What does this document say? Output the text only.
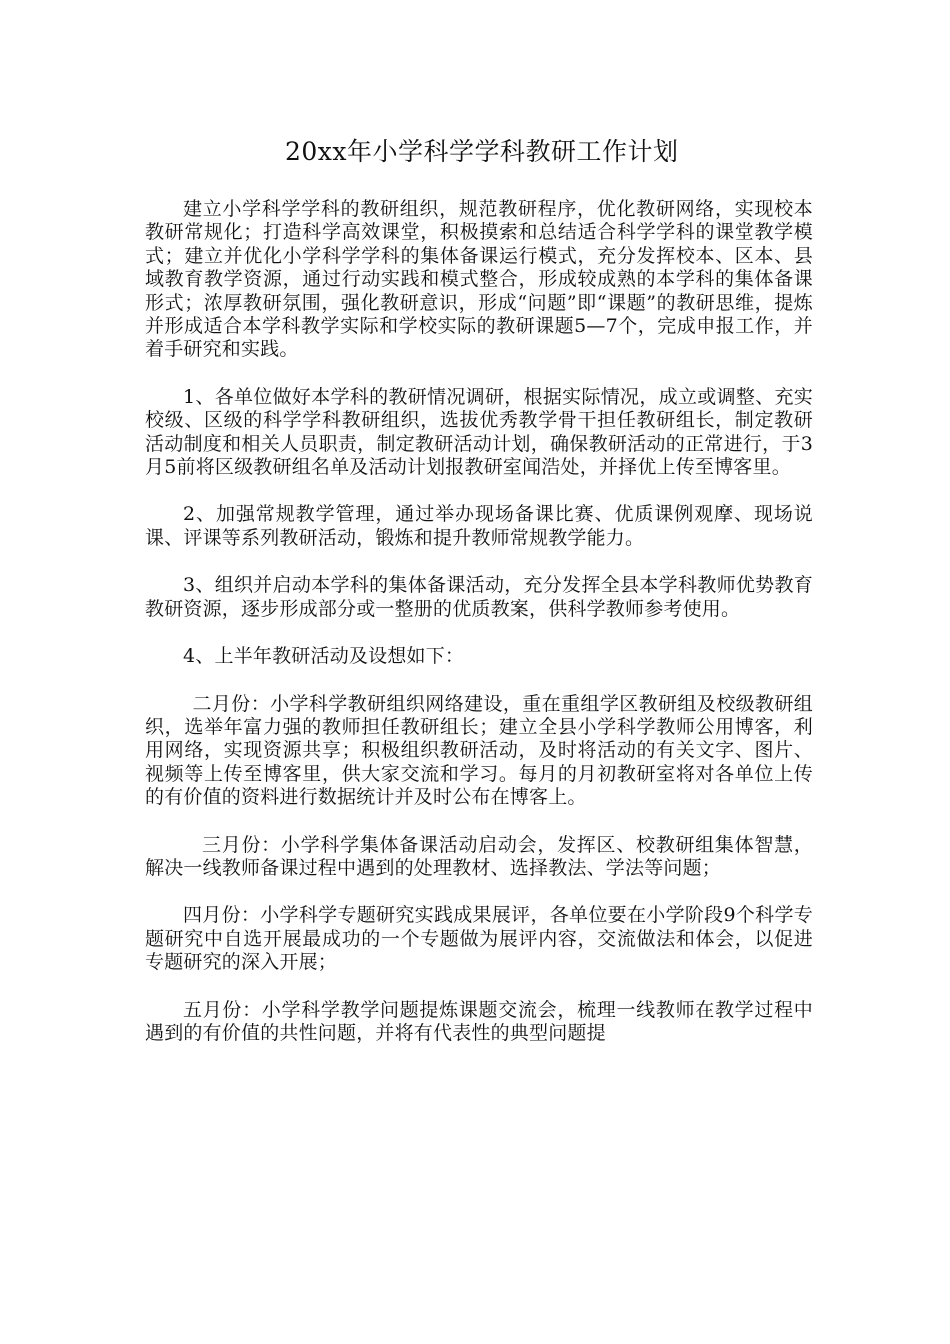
20xx年小学科学学科教研工作计划

建立小学科学学科的教研组织，规范教研程序，优化教研网络，实现校本教研常规化；打造科学高效课堂，积极摸索和总结适合科学学科的课堂教学模式；建立并优化小学科学学科的集体备课运行模式，充分发挥校本、区本、县域教育教学资源，通过行动实践和模式整合，形成较成熟的本学科的集体备课形式；浓厚教研氛围，强化教研意识，形成“问题”即“课题”的教研思维，提炼并形成适合本学科教学实际和学校实际的教研课题5—7个，完成申报工作，并着手研究和实践。

1、各单位做好本学科的教研情况调研，根据实际情况，成立或调整、充实校级、区级的科学学科教研组织，选拔优秀教学骨干担任教研组长，制定教研活动制度和相关人员职责，制定教研活动计划，确保教研活动的正常进行，于3月5前将区级教研组名单及活动计划报教研室闻浩处，并择优上传至博客里。

2、加强常规教学管理，通过举办现场备课比赛、优质课例观摩、现场说课、评课等系列教研活动，锻炼和提升教师常规教学能力。

3、组织并启动本学科的集体备课活动，充分发挥全县本学科教师优势教育教研资源，逐步形成部分或一整册的优质教案，供科学教师参考使用。

4、上半年教研活动及设想如下：

二月份：小学科学教研组织网络建设，重在重组学区教研组及校级教研组织，选举年富力强的教师担任教研组长；建立全县小学科学教师公用博客，利用网络，实现资源共享；积极组织教研活动，及时将活动的有关文字、图片、视频等上传至博客里，供大家交流和学习。每月的月初教研室将对各单位上传的有价值的资料进行数据统计并及时公布在博客上。

三月份：小学科学集体备课活动启动会，发挥区、校教研组集体智慧，解决一线教师备课过程中遇到的处理教材、选择教法、学法等问题；

四月份：小学科学专题研究实践成果展评，各单位要在小学阶段9个科学专题研究中自选开展最成功的一个专题做为展评内容，交流做法和体会，以促进专题研究的深入开展；

五月份：小学科学教学问题提炼课题交流会，梳理一线教师在教学过程中遇到的有价值的共性问题，并将有代表性的典型问题提
